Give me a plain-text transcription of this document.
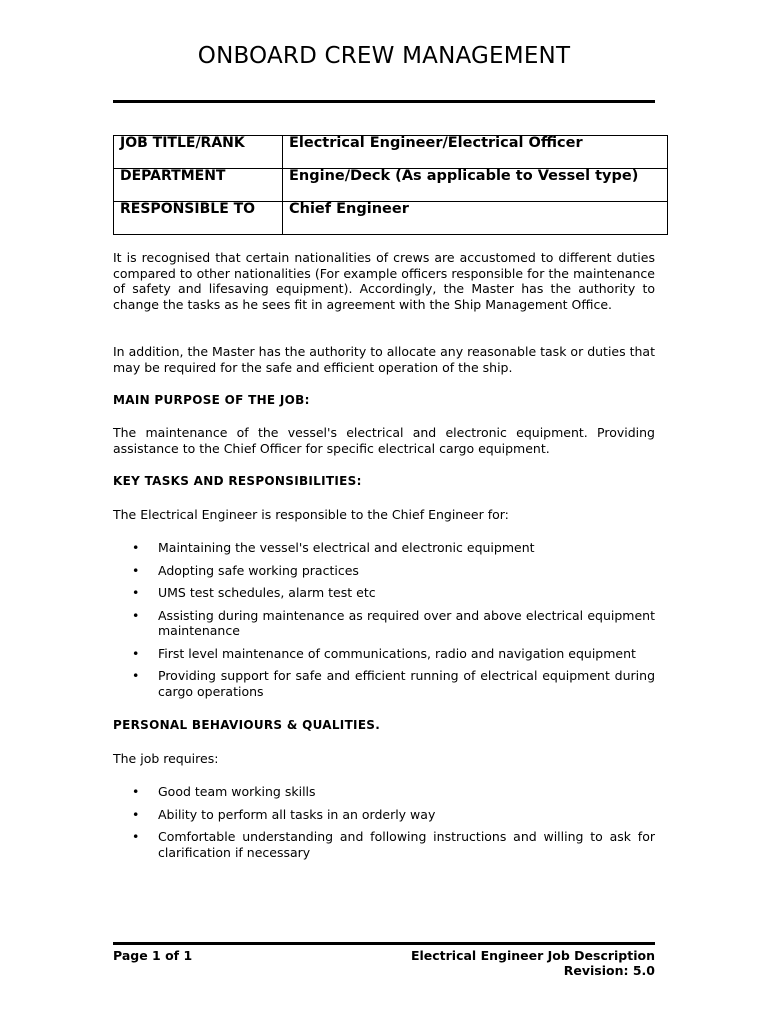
ONBOARD CREW MANAGEMENT
JOB TITLE/RANK	Electrical Engineer/Electrical Officer
DEPARTMENT	Engine/Deck (As applicable to Vessel type)
RESPONSIBLE TO	Chief Engineer

It is recognised that certain nationalities of crews are accustomed to different duties compared to other nationalities (For example officers responsible for the maintenance of safety and lifesaving equipment). Accordingly, the Master has the authority to change the tasks as he sees fit in agreement with the Ship Management Office.

In addition, the Master has the authority to allocate any reasonable task or duties that may be required for the safe and efficient operation of the ship.

MAIN PURPOSE OF THE JOB:

The maintenance of the vessel's electrical and electronic equipment. Providing assistance to the Chief Officer for specific electrical cargo equipment.

KEY TASKS AND RESPONSIBILITIES:
The Electrical Engineer is responsible to the Chief Engineer for:
• Maintaining the vessel's electrical and electronic equipment
• Adopting safe working practices
• UMS test schedules, alarm test etc
• Assisting during maintenance as required over and above electrical equipment maintenance
• First level maintenance of communications, radio and navigation equipment
• Providing support for safe and efficient running of electrical equipment during cargo operations
PERSONAL BEHAVIOURS & QUALITIES.
The job requires:
• Good team working skills
• Ability to perform all tasks in an orderly way
• Comfortable understanding and following instructions and willing to ask for clarification if necessary
Page 1 of 1	Electrical Engineer Job Description
Revision: 5.0
